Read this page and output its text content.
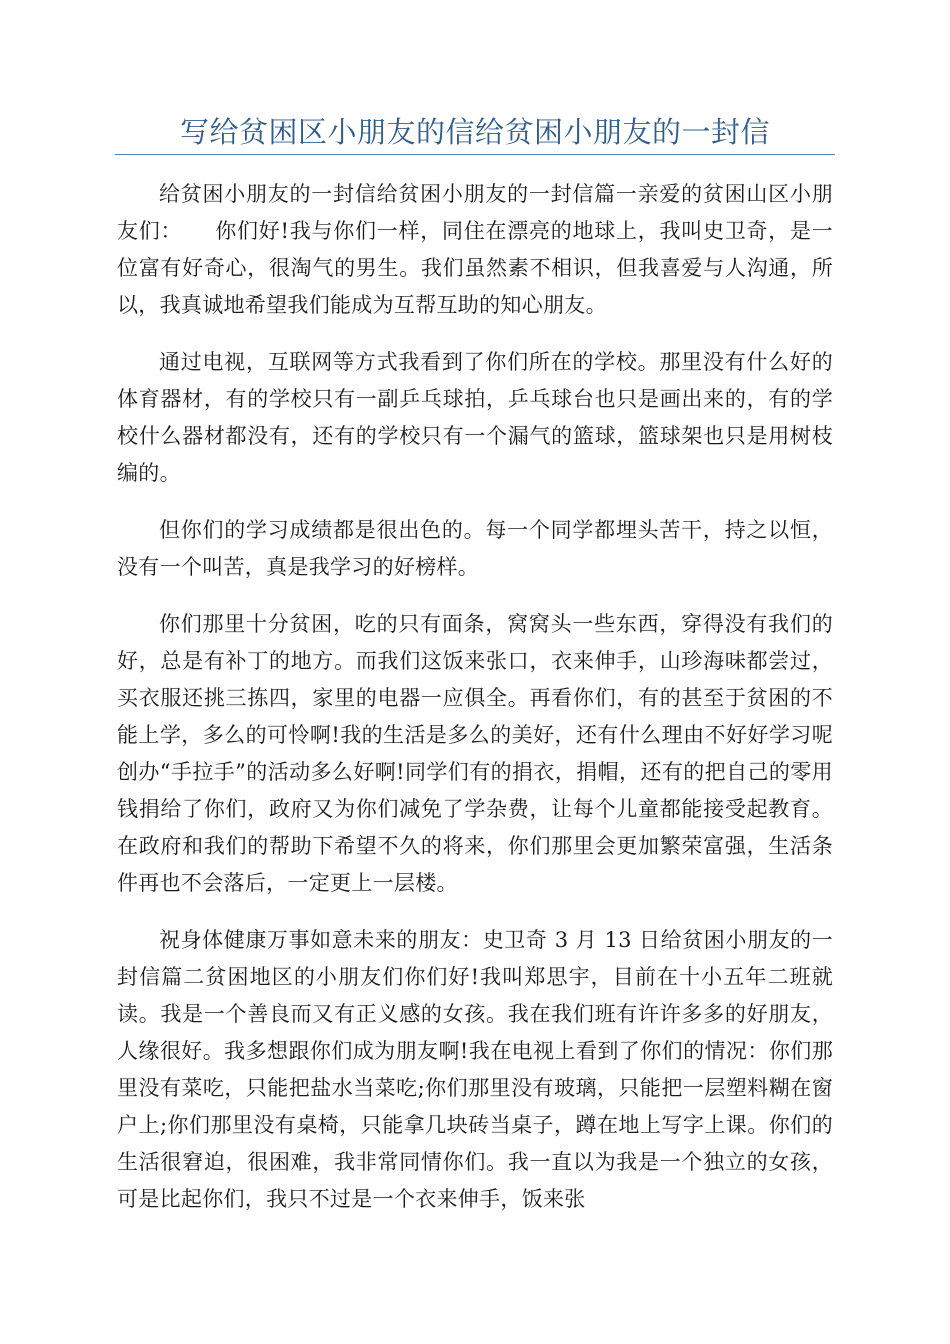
写给贫困区小朋友的信给贫困小朋友的一封信

给贫困小朋友的一封信给贫困小朋友的一封信篇一亲爱的贫困山区小朋友们：　　你们好!我与你们一样，同住在漂亮的地球上，我叫史卫奇，是一位富有好奇心，很淘气的男生。我们虽然素不相识，但我喜爱与人沟通，所以，我真诚地希望我们能成为互帮互助的知心朋友。

通过电视，互联网等方式我看到了你们所在的学校。那里没有什么好的体育器材，有的学校只有一副乒乓球拍，乒乓球台也只是画出来的，有的学校什么器材都没有，还有的学校只有一个漏气的篮球，篮球架也只是用树枝编的。

但你们的学习成绩都是很出色的。每一个同学都埋头苦干，持之以恒，没有一个叫苦，真是我学习的好榜样。

你们那里十分贫困，吃的只有面条，窝窝头一些东西，穿得没有我们的好，总是有补丁的地方。而我们这饭来张口，衣来伸手，山珍海味都尝过，买衣服还挑三拣四，家里的电器一应俱全。再看你们，有的甚至于贫困的不能上学，多么的可怜啊!我的生活是多么的美好，还有什么理由不好好学习呢创办“手拉手”的活动多么好啊!同学们有的捐衣，捐帽，还有的把自己的零用钱捐给了你们，政府又为你们减免了学杂费，让每个儿童都能接受起教育。在政府和我们的帮助下希望不久的将来，你们那里会更加繁荣富强，生活条件再也不会落后，一定更上一层楼。

祝身体健康万事如意未来的朋友：史卫奇 3 月 13 日给贫困小朋友的一封信篇二贫困地区的小朋友们你们好!我叫郑思宇，目前在十小五年二班就读。我是一个善良而又有正义感的女孩。我在我们班有许许多多的好朋友，人缘很好。我多想跟你们成为朋友啊!我在电视上看到了你们的情况：你们那里没有菜吃，只能把盐水当菜吃;你们那里没有玻璃，只能把一层塑料糊在窗户上;你们那里没有桌椅，只能拿几块砖当桌子，蹲在地上写字上课。你们的生活很窘迫，很困难，我非常同情你们。我一直以为我是一个独立的女孩，可是比起你们，我只不过是一个衣来伸手，饭来张
